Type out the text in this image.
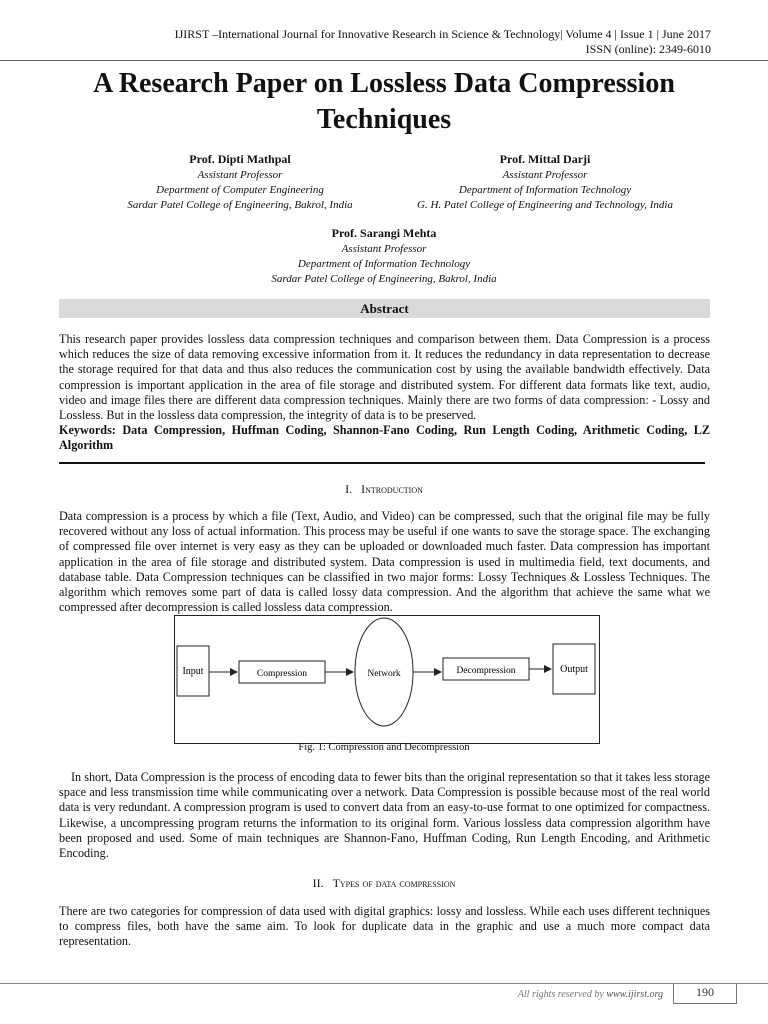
IJIRST –International Journal for Innovative Research in Science & Technology| Volume 4 | Issue 1 | June 2017
ISSN (online): 2349-6010
A Research Paper on Lossless Data Compression Techniques
Prof. Dipti Mathpal
Assistant Professor
Department of Computer Engineering
Sardar Patel College of Engineering, Bakrol, India
Prof. Mittal Darji
Assistant Professor
Department of Information Technology
G. H. Patel College of Engineering and Technology, India
Prof. Sarangi Mehta
Assistant Professor
Department of Information Technology
Sardar Patel College of Engineering, Bakrol, India
Abstract
This research paper provides lossless data compression techniques and comparison between them. Data Compression is a process which reduces the size of data removing excessive information from it. It reduces the redundancy in data representation to decrease the storage required for that data and thus also reduces the communication cost by using the available bandwidth effectively. Data compression is important application in the area of file storage and distributed system. For different data formats like text, audio, video and image files there are different data compression techniques. Mainly there are two forms of data compression: - Lossy and Lossless. But in the lossless data compression, the integrity of data is to be preserved.
Keywords: Data Compression, Huffman Coding, Shannon-Fano Coding, Run Length Coding, Arithmetic Coding, LZ Algorithm
I. Introduction
Data compression is a process by which a file (Text, Audio, and Video) can be compressed, such that the original file may be fully recovered without any loss of actual information. This process may be useful if one wants to save the storage space. The exchanging of compressed file over internet is very easy as they can be uploaded or downloaded much faster. Data compression has important application in the area of file storage and distributed system. Data compression is used in multimedia field, text documents, and database table. Data Compression techniques can be classified in two major forms: Lossy Techniques & Lossless Techniques. The algorithm which removes some part of data is called lossy data compression. And the algorithm that achieve the same what we compressed after decompression is called lossless data compression.
Input	Compression	Network	Decompression	Output
Fig. 1: Compression and Decompression
In short, Data Compression is the process of encoding data to fewer bits than the original representation so that it takes less storage space and less transmission time while communicating over a network. Data Compression is possible because most of the real world data is very redundant. A compression program is used to convert data from an easy-to-use format to one optimized for compactness. Likewise, a uncompressing program returns the information to its original form. Various lossless data compression algorithm have been proposed and used. Some of main techniques are Shannon-Fano, Huffman Coding, Run Length Encoding, and Arithmetic Encoding.
II. Types of data compression
There are two categories for compression of data used with digital graphics: lossy and lossless. While each uses different techniques to compress files, both have the same aim. To look for duplicate data in the graphic and use a much more compact data representation.
All rights reserved by www.ijirst.org	190
